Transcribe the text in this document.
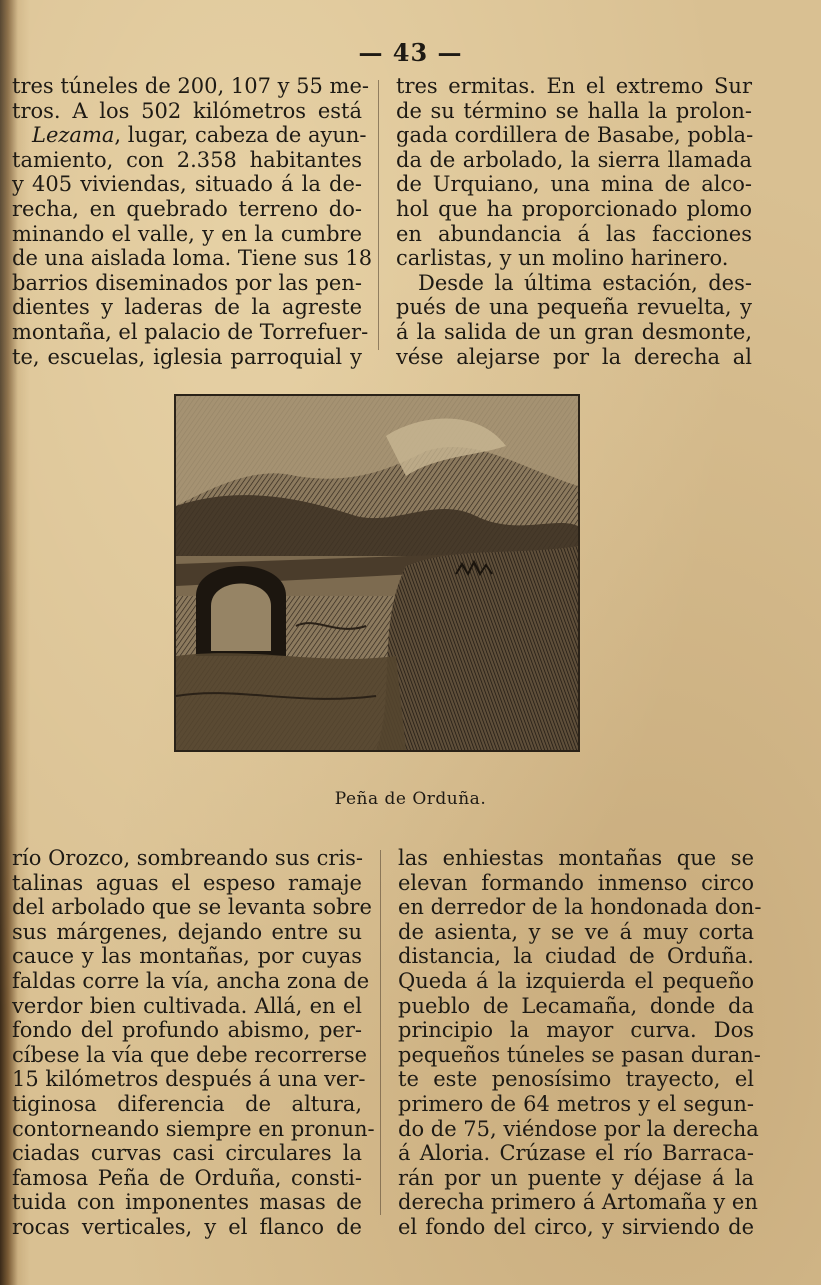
— 43 —
tres túneles de 200, 107 y 55 me-
tros. A los 502 kilómetros está
Lezama, lugar, cabeza de ayun-
tamiento, con 2.358 habitantes
y 405 viviendas, situado á la de-
recha, en quebrado terreno do-
minando el valle, y en la cumbre
de una aislada loma. Tiene sus 18
barrios diseminados por las pen-
dientes y laderas de la agreste
montaña, el palacio de Torrefuer-
te, escuelas, iglesia parroquial y
tres ermitas. En el extremo Sur
de su término se halla la prolon-
gada cordillera de Basabe, pobla-
da de arbolado, la sierra llamada
de Urquiano, una mina de alco-
hol que ha proporcionado plomo
en abundancia á las facciones
carlistas, y un molino harinero.
Desde la última estación, des-
pués de una pequeña revuelta, y
á la salida de un gran desmonte,
vése alejarse por la derecha al
Peña de Orduña.
río Orozco, sombreando sus cris-
talinas aguas el espeso ramaje
del arbolado que se levanta sobre
sus márgenes, dejando entre su
cauce y las montañas, por cuyas
faldas corre la vía, ancha zona de
verdor bien cultivada. Allá, en el
fondo del profundo abismo, per-
cíbese la vía que debe recorrerse
15 kilómetros después á una ver-
tiginosa diferencia de altura,
contorneando siempre en pronun-
ciadas curvas casi circulares la
famosa Peña de Orduña, consti-
tuida con imponentes masas de
rocas verticales, y el flanco de
las enhiestas montañas que se
elevan formando inmenso circo
en derredor de la hondonada don-
de asienta, y se ve á muy corta
distancia, la ciudad de Orduña.
Queda á la izquierda el pequeño
pueblo de Lecamaña, donde da
principio la mayor curva. Dos
pequeños túneles se pasan duran-
te este penosísimo trayecto, el
primero de 64 metros y el segun-
do de 75, viéndose por la derecha
á Aloria. Crúzase el río Barraca-
rán por un puente y déjase á la
derecha primero á Artomaña y en
el fondo del circo, y sirviendo de
